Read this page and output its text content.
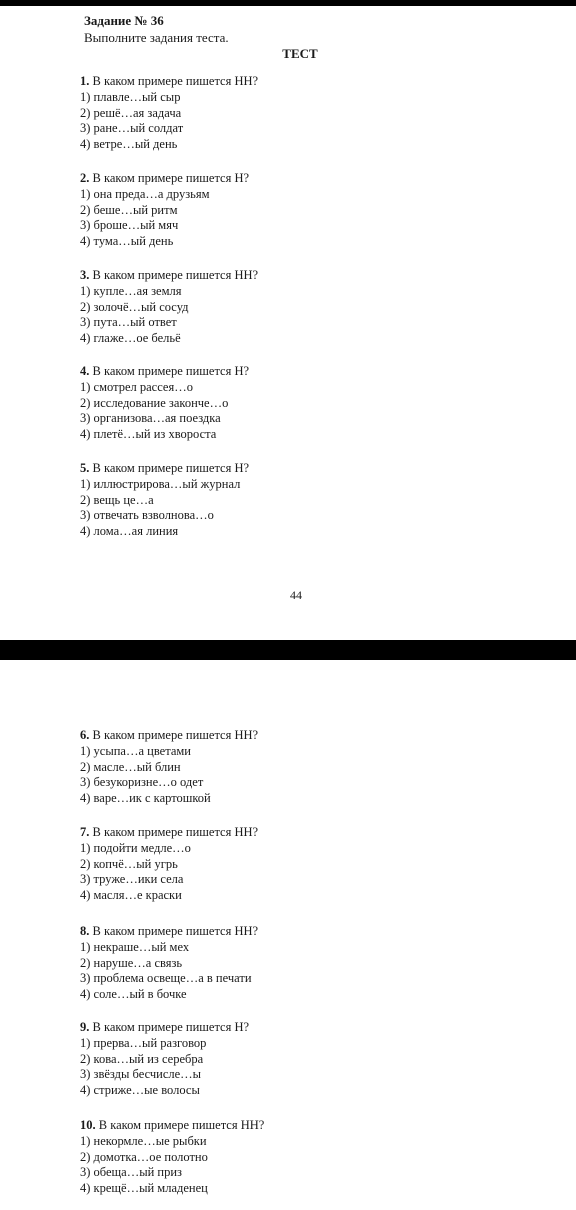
Задание № 36
Выполните задания теста.
ТЕСТ
1. В каком примере пишется НН?
1) плавле…ый сыр
2) решё…ая задача
3) ране…ый солдат
4) ветре…ый день
2. В каком примере пишется Н?
1) она преда…а друзьям
2) беше…ый ритм
3) броше…ый мяч
4) тума…ый день
3. В каком примере пишется НН?
1) купле…ая земля
2) золочё…ый сосуд
3) пута…ый ответ
4) глаже…ое бельё
4. В каком примере пишется Н?
1) смотрел рассея…о
2) исследование закончe…о
3) организова…ая поездка
4) плетё…ый из хвороста
5. В каком примере пишется Н?
1) иллюстрирова…ый журнал
2) вещь це…а
3) отвечать взволнова…о
4) лома…ая линия
44
6. В каком примере пишется НН?
1) усыпа…а цветами
2) масле…ый блин
3) безукоризне…о одет
4) варе…ик с картошкой
7. В каком примере пишется НН?
1) подойти медле…о
2) копчё…ый угрь
3) труже…ики села
4) масля…е краски
8. В каком примере пишется НН?
1) некраше…ый мех
2) наруше…а связь
3) проблема освеще…а в печати
4) соле…ый в бочке
9. В каком примере пишется Н?
1) прерва…ый разговор
2) кова…ый из серебра
3) звёзды бесчисле…ы
4) стриже…ые волосы
10. В каком примере пишется НН?
1) некормле…ые рыбки
2) домотка…ое полотно
3) обеща…ый приз
4) крещё…ый младенец
